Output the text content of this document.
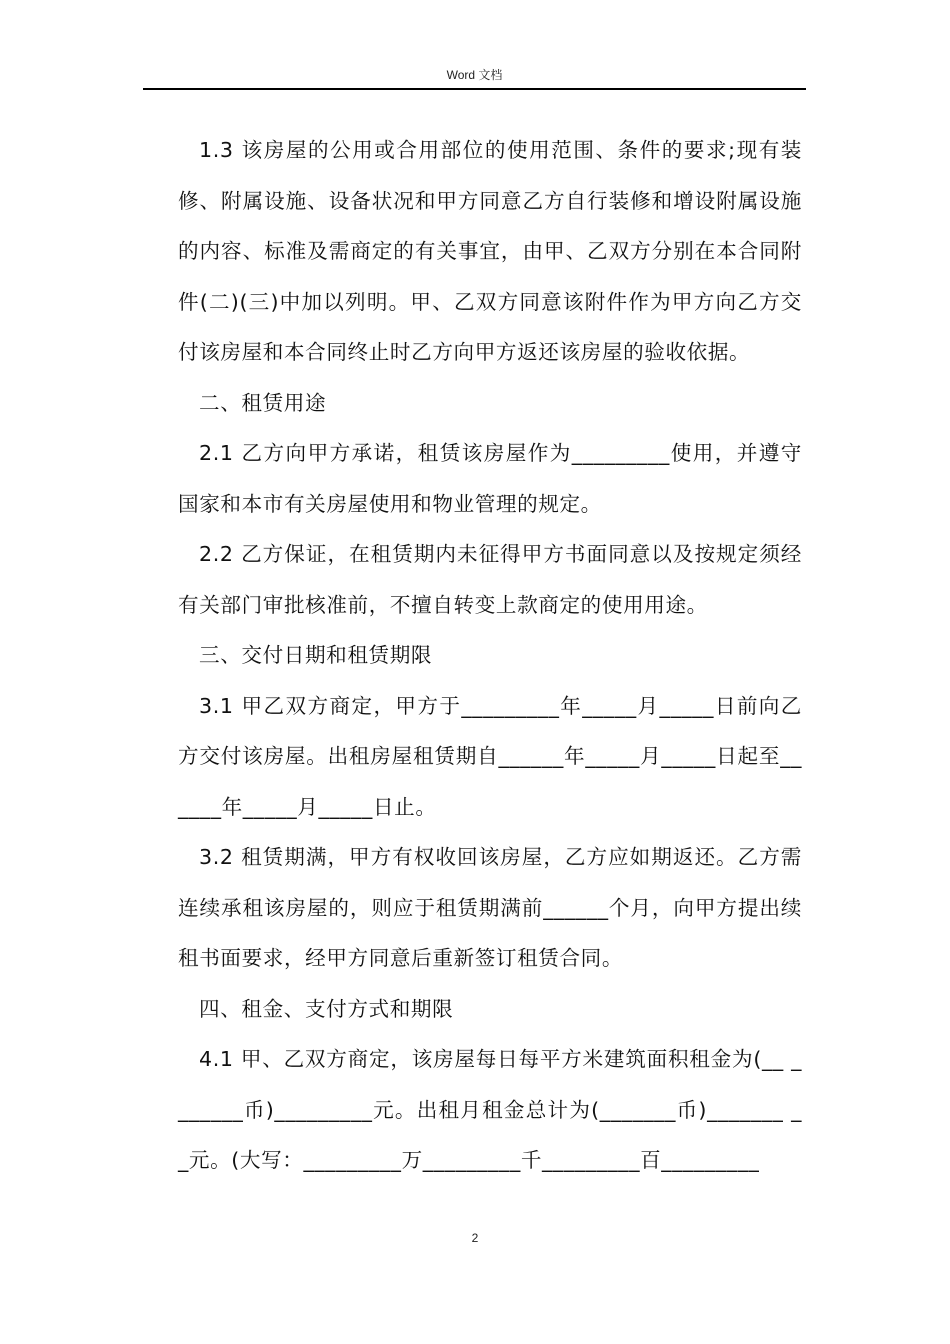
Word 文档

1.3 该房屋的公用或合用部位的使用范围、条件的要求;现有装修、附属设施、设备状况和甲方同意乙方自行装修和增设附属设施的内容、标准及需商定的有关事宜，由甲、乙双方分别在本合同附件(二)(三)中加以列明。甲、乙双方同意该附件作为甲方向乙方交付该房屋和本合同终止时乙方向甲方返还该房屋的验收依据。

二、租赁用途

2.1 乙方向甲方承诺，租赁该房屋作为_________使用，并遵守国家和本市有关房屋使用和物业管理的规定。

2.2 乙方保证，在租赁期内未征得甲方书面同意以及按规定须经有关部门审批核准前，不擅自转变上款商定的使用用途。

三、交付日期和租赁期限

3.1 甲乙双方商定，甲方于_________年_____月_____日前向乙方交付该房屋。出租房屋租赁期自______年_____月_____日起至______年_____月_____日止。

3.2 租赁期满，甲方有权收回该房屋，乙方应如期返还。乙方需连续承租该房屋的，则应于租赁期满前______个月，向甲方提出续租书面要求，经甲方同意后重新签订租赁合同。

四、租金、支付方式和期限

4.1 甲、乙双方商定，该房屋每日每平方米建筑面积租金为(__ _______币)_________元。出租月租金总计为(_______币)_______ __元。(大写：_________万_________千_________百_________

2
